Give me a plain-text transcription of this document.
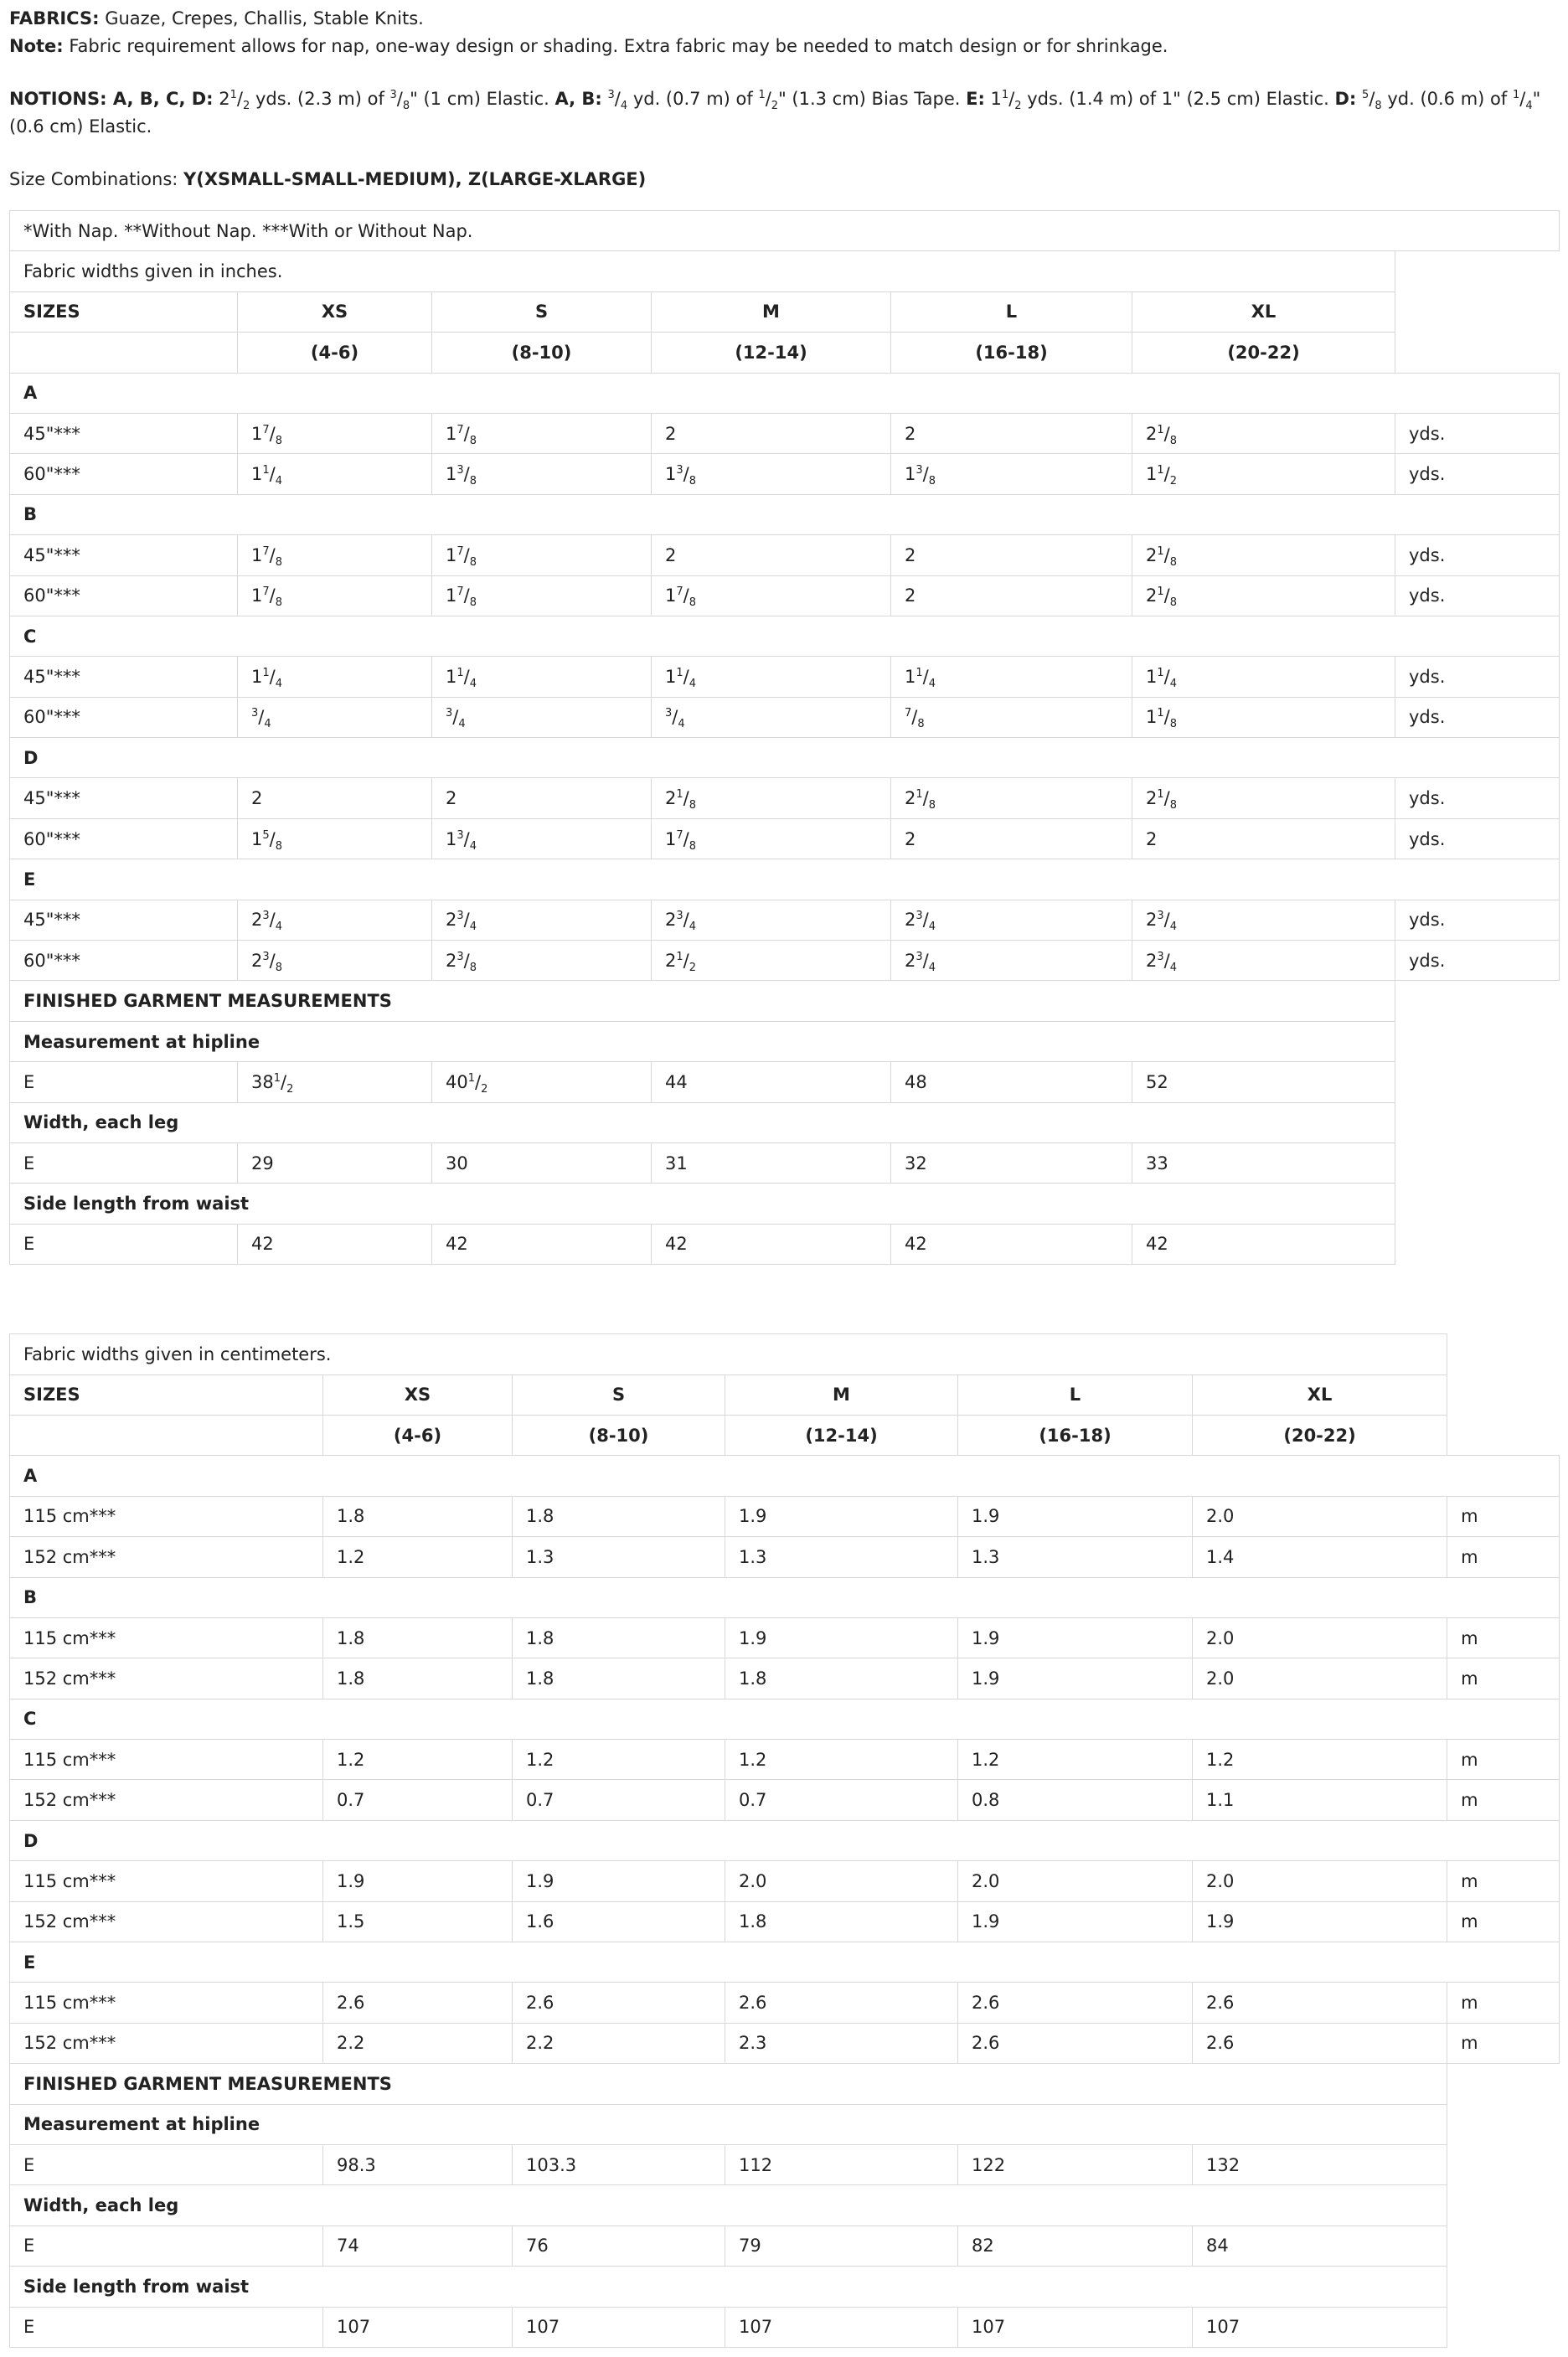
FABRICS: Guaze, Crepes, Challis, Stable Knits.

Note: Fabric requirement allows for nap, one-way design or shading. Extra fabric may be needed to match design or for shrinkage.

NOTIONS: A, B, C, D: $2^1/_2$ yds. (2.3 m) of $^3/_8$" (1 cm) Elastic. A, B: $^3/_4$ yd. (0.7 m) of $^1/_2$" (1.3 cm) Bias Tape. E: $1^1/_2$ yds. (1.4 m) of 1" (2.5 cm) Elastic. D: $^5/_8$ yd. (0.6 m) of $^1/_4$" (0.6 cm) Elastic.

Size Combinations: Y(XSMALL-SMALL-MEDIUM), Z(LARGE-XLARGE)

*With Nap. **Without Nap. ***With or Without Nap.						
Fabric widths given in inches.						
SIZES	XS	S	M	L	XL	
	(4-6)	(8-10)	(12-14)	(16-18)	(20-22)	
A						
45"***	$1^7/_8$	$1^7/_8$	2	2	$2^1/_8$	yds.
60"***	$1^1/_4$	$1^3/_8$	$1^3/_8$	$1^3/_8$	$1^1/_2$	yds.
B						
45"***	$1^7/_8$	$1^7/_8$	2	2	$2^1/_8$	yds.
60"***	$1^7/_8$	$1^7/_8$	$1^7/_8$	2	$2^1/_8$	yds.
C						
45"***	$1^1/_4$	$1^1/_4$	$1^1/_4$	$1^1/_4$	$1^1/_4$	yds.
60"***	$^3/_4$	$^3/_4$	$^3/_4$	$^7/_8$	$1^1/_8$	yds.
D						
45"***	2	2	$2^1/_8$	$2^1/_8$	$2^1/_8$	yds.
60"***	$1^5/_8$	$1^3/_4$	$1^7/_8$	2	2	yds.
E						
45"***	$2^3/_4$	$2^3/_4$	$2^3/_4$	$2^3/_4$	$2^3/_4$	yds.
60"***	$2^3/_8$	$2^3/_8$	$2^1/_2$	$2^3/_4$	$2^3/_4$	yds.
FINISHED GARMENT MEASUREMENTS						
Measurement at hipline						
E	$38^1/_2$	$40^1/_2$	44	48	52	
Width, each leg						
E	29	30	31	32	33	
Side length from waist						
E	42	42	42	42	42	
Fabric widths given in centimeters.						
SIZES	XS	S	M	L	XL	
	(4-6)	(8-10)	(12-14)	(16-18)	(20-22)	
A						
115 cm***	1.8	1.8	1.9	1.9	2.0	m
152 cm***	1.2	1.3	1.3	1.3	1.4	m
B						
115 cm***	1.8	1.8	1.9	1.9	2.0	m
152 cm***	1.8	1.8	1.8	1.9	2.0	m
C						
115 cm***	1.2	1.2	1.2	1.2	1.2	m
152 cm***	0.7	0.7	0.7	0.8	1.1	m
D						
115 cm***	1.9	1.9	2.0	2.0	2.0	m
152 cm***	1.5	1.6	1.8	1.9	1.9	m
E						
115 cm***	2.6	2.6	2.6	2.6	2.6	m
152 cm***	2.2	2.2	2.3	2.6	2.6	m
FINISHED GARMENT MEASUREMENTS						
Measurement at hipline						
E	98.3	103.3	112	122	132	
Width, each leg						
E	74	76	79	82	84	
Side length from waist						
E	107	107	107	107	107	
